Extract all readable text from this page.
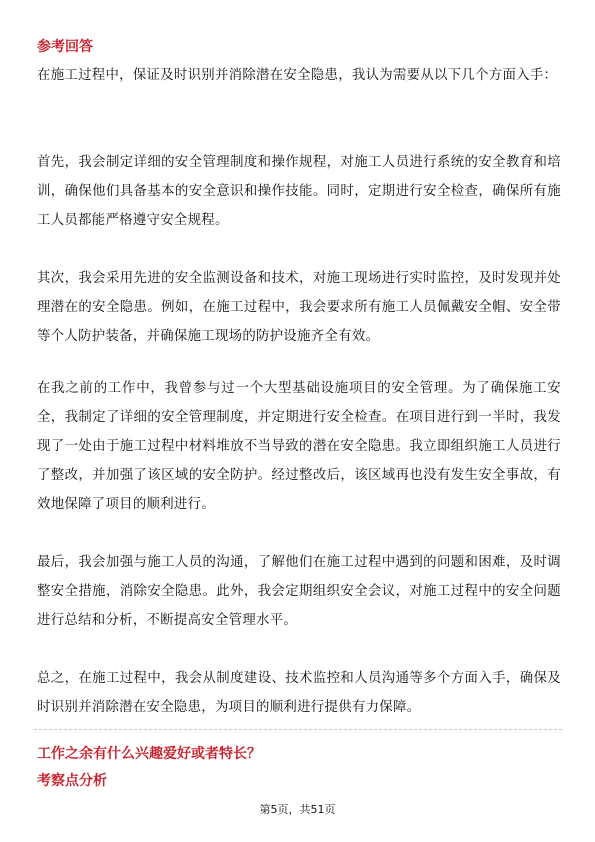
参考回答
在施工过程中，保证及时识别并消除潜在安全隐患，我认为需要从以下几个方面入手：
首先，我会制定详细的安全管理制度和操作规程，对施工人员进行系统的安全教育和培训，确保他们具备基本的安全意识和操作技能。同时，定期进行安全检查，确保所有施工人员都能严格遵守安全规程。
其次，我会采用先进的安全监测设备和技术，对施工现场进行实时监控，及时发现并处理潜在的安全隐患。例如，在施工过程中，我会要求所有施工人员佩戴安全帽、安全带等个人防护装备，并确保施工现场的防护设施齐全有效。
在我之前的工作中，我曾参与过一个大型基础设施项目的安全管理。为了确保施工安全，我制定了详细的安全管理制度，并定期进行安全检查。在项目进行到一半时，我发现了一处由于施工过程中材料堆放不当导致的潜在安全隐患。我立即组织施工人员进行了整改，并加强了该区域的安全防护。经过整改后，该区域再也没有发生安全事故，有效地保障了项目的顺利进行。
最后，我会加强与施工人员的沟通，了解他们在施工过程中遇到的问题和困难，及时调整安全措施，消除安全隐患。此外，我会定期组织安全会议，对施工过程中的安全问题进行总结和分析，不断提高安全管理水平。
总之，在施工过程中，我会从制度建设、技术监控和人员沟通等多个方面入手，确保及时识别并消除潜在安全隐患，为项目的顺利进行提供有力保障。
工作之余有什么兴趣爱好或者特长？
考察点分析
第5页，共51页
